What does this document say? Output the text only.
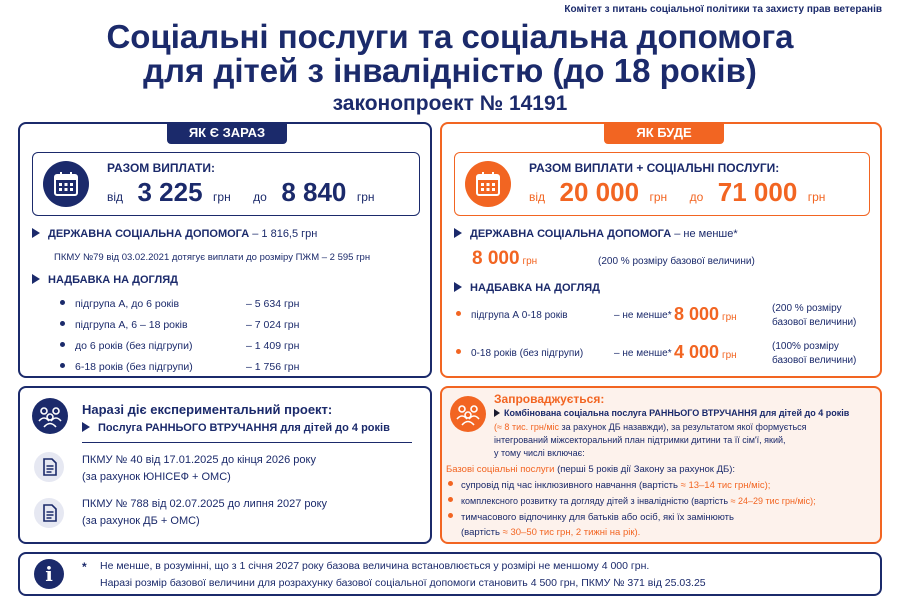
Комітет з питань соціальної політики та захисту прав ветеранів
Соціальні послуги та соціальна допомога
для дітей з інвалідністю (до 18 років)
законопроект № 14191
ЯК Є ЗАРАЗ
РАЗОМ ВИПЛАТИ:
від 3 225 грн до 8 840 грн
ДЕРЖАВНА СОЦІАЛЬНА ДОПОМОГА – 1 816,5 грн
ПКМУ №79 від 03.02.2021 дотягує виплати до розміру ПЖМ – 2 595 грн
НАДБАВКА НА ДОГЛЯД
підгрупа А, до 6 років	– 5 634 грн
підгрупа А, 6 – 18 років	– 7 024 грн
до 6 років (без підгрупи)	– 1 409 грн
6-18 років (без підгрупи)	– 1 756 грн
ЯК БУДЕ
РАЗОМ ВИПЛАТИ + СОЦІАЛЬНІ ПОСЛУГИ:
від 20 000 грн до 71 000 грн
ДЕРЖАВНА СОЦІАЛЬНА ДОПОМОГА – не менше*
8 000 грн	(200 % розміру базової величини)
НАДБАВКА НА ДОГЛЯД
підгрупа А 0-18 років	– не менше* 8 000 грн
(200 % розміру
базової величини)
0-18 років (без підгрупи)	– не менше* 4 000 грн
(100% розміру
базової величини)
Наразі діє експериментальний проект:
Послуга РАННЬОГО ВТРУЧАННЯ для дітей до 4 років
ПКМУ № 40 від 17.01.2025 до кінця 2026 року
(за рахунок ЮНІСЕФ + ОМС)
ПКМУ № 788 від 02.07.2025 до липня 2027 року
(за рахунок ДБ + ОМС)
Запроваджується:
Комбінована соціальна послуга РАННЬОГО ВТРУЧАННЯ для дітей до 4 років
(≈ 8 тис. грн/міс за рахунок ДБ назавжди), за результатом якої формується
інтегрований міжсекторальний план підтримки дитини та її сім'ї, який,
у тому числі включає:
Базові соціальні послуги (перші 5 років дії Закону за рахунок ДБ):
супровід під час інклюзивного навчання (вартість ≈ 13–14 тис грн/міс);
комплексного розвитку та догляду дітей з інвалідністю (вартість ≈ 24–29 тис грн/міс);
тимчасового відпочинку для батьків або осіб, які їх замінюють
(вартість ≈ 30–50 тис грн, 2 тижні на рік).
i	* Не менше, в розумінні, що з 1 січня 2027 року базова величина встановлюється у розмірі не меншому 4 000 грн.
Наразі розмір базової величини для розрахунку базової соціальної допомоги становить 4 500 грн, ПКМУ № 371 від 25.03.25
